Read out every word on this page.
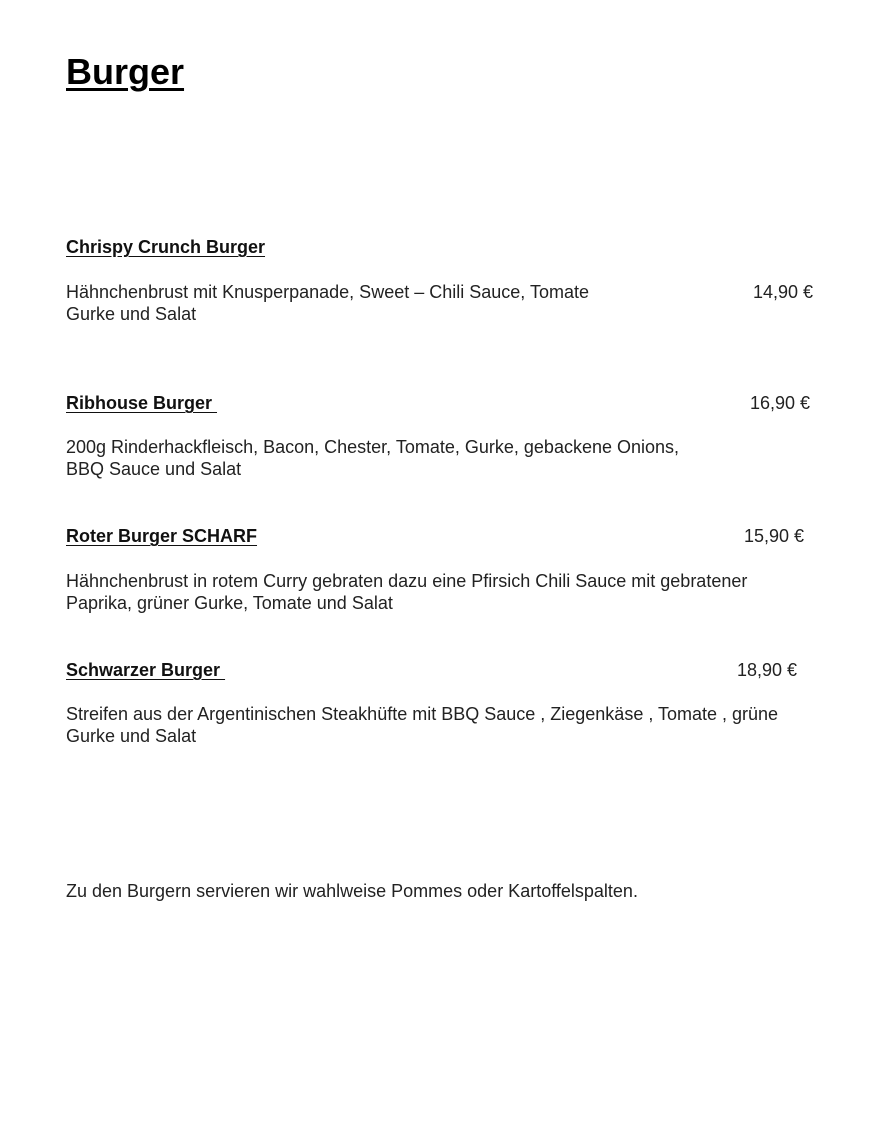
Burger
Chrispy Crunch Burger
Hähnchenbrust mit Knusperpanade, Sweet – Chili Sauce, Tomate
Gurke und Salat
14,90 €
Ribhouse Burger	16,90 €
200g Rinderhackfleisch, Bacon, Chester, Tomate, Gurke, gebackene Onions,
BBQ Sauce und Salat
Roter Burger SCHARF	15,90 €
Hähnchenbrust in rotem Curry gebraten dazu eine Pfirsich Chili Sauce mit gebratener
Paprika, grüner Gurke, Tomate und Salat
Schwarzer Burger	18,90 €
Streifen aus der Argentinischen Steakhüfte mit BBQ Sauce , Ziegenkäse , Tomate , grüne
Gurke und Salat
Zu den Burgern servieren wir wahlweise Pommes oder Kartoffelspalten.
